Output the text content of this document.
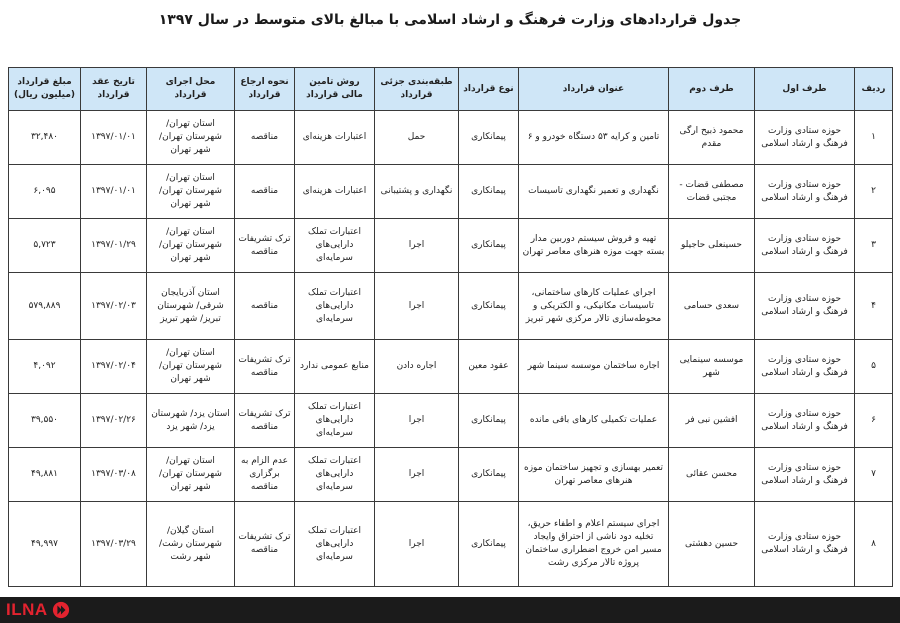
جدول قراردادهای وزارت فرهنگ و ارشاد اسلامی با مبالغ بالای متوسط در سال ۱۳۹۷
ردیف	طرف اول	طرف دوم	عنوان قرارداد	نوع قرارداد	طبقه‌بندی جزئی قرارداد	روش تامین مالی قرارداد	نحوه ارجاع قرارداد	محل اجرای قرارداد	تاریخ عقد قرارداد	مبلغ قرارداد (میلیون ریال)
۱	حوزه ستادی وزارت فرهنگ و ارشاد اسلامی	محمود ذبیح ارگی مقدم	تامین و کرایه ۵۳ دستگاه خودرو و ۶	پیمانکاری	حمل	اعتبارات هزینه‌ای	مناقصه	استان تهران/ شهرستان تهران/ شهر تهران	۱۳۹۷/۰۱/۰۱	۳۲,۴۸۰
۲	حوزه ستادی وزارت فرهنگ و ارشاد اسلامی	مصطفی قضات - مجتبی قضات	نگهداری و تعمیر نگهداری تاسیسات	پیمانکاری	نگهداری و پشتیبانی	اعتبارات هزینه‌ای	مناقصه	استان تهران/ شهرستان تهران/ شهر تهران	۱۳۹۷/۰۱/۰۱	۶,۰۹۵
۳	حوزه ستادی وزارت فرهنگ و ارشاد اسلامی	حسینعلی حاجیلو	تهیه و فروش سیستم دوربین مدار بسته جهت موزه هنرهای معاصر تهران	پیمانکاری	اجرا	اعتبارات تملک دارایی‌های سرمایه‌ای	ترک تشریفات مناقصه	استان تهران/ شهرستان تهران/ شهر تهران	۱۳۹۷/۰۱/۲۹	۵,۷۲۳
۴	حوزه ستادی وزارت فرهنگ و ارشاد اسلامی	سعدی حسامی	اجرای عملیات کارهای ساختمانی، تاسیسات مکانیکی، و الکتریکی و محوطه‌سازی تالار مرکزی شهر تبریز	پیمانکاری	اجرا	اعتبارات تملک دارایی‌های سرمایه‌ای	مناقصه	استان آذربایجان شرقی/ شهرستان تبریز/ شهر تبریز	۱۳۹۷/۰۲/۰۳	۵۷۹,۸۸۹
۵	حوزه ستادی وزارت فرهنگ و ارشاد اسلامی	موسسه سینمایی شهر	اجاره ساختمان موسسه سینما شهر	عقود معین	اجاره دادن	منابع عمومی ندارد	ترک تشریفات مناقصه	استان تهران/ شهرستان تهران/ شهر تهران	۱۳۹۷/۰۲/۰۴	۴,۰۹۲
۶	حوزه ستادی وزارت فرهنگ و ارشاد اسلامی	افشین نبی فر	عملیات تکمیلی کارهای باقی مانده	پیمانکاری	اجرا	اعتبارات تملک دارایی‌های سرمایه‌ای	ترک تشریفات مناقصه	استان یزد/ شهرستان یزد/ شهر یزد	۱۳۹۷/۰۲/۲۶	۳۹,۵۵۰
۷	حوزه ستادی وزارت فرهنگ و ارشاد اسلامی	محسن عقائی	تعمیر بهسازی و تجهیز ساختمان موزه هنرهای معاصر تهران	پیمانکاری	اجرا	اعتبارات تملک دارایی‌های سرمایه‌ای	عدم الزام به برگزاری مناقصه	استان تهران/ شهرستان تهران/ شهر تهران	۱۳۹۷/۰۳/۰۸	۴۹,۸۸۱
۸	حوزه ستادی وزارت فرهنگ و ارشاد اسلامی	حسین دهشتی	اجرای سیستم اعلام و اطفاء حریق، تخلیه دود ناشی از احتراق وایجاد مسیر امن خروج اضطراری ساختمان پروژه تالار مرکزی رشت	پیمانکاری	اجرا	اعتبارات تملک دارایی‌های سرمایه‌ای	ترک تشریفات مناقصه	استان گیلان/ شهرستان رشت/ شهر رشت	۱۳۹۷/۰۳/۲۹	۴۹,۹۹۷
ILNA
